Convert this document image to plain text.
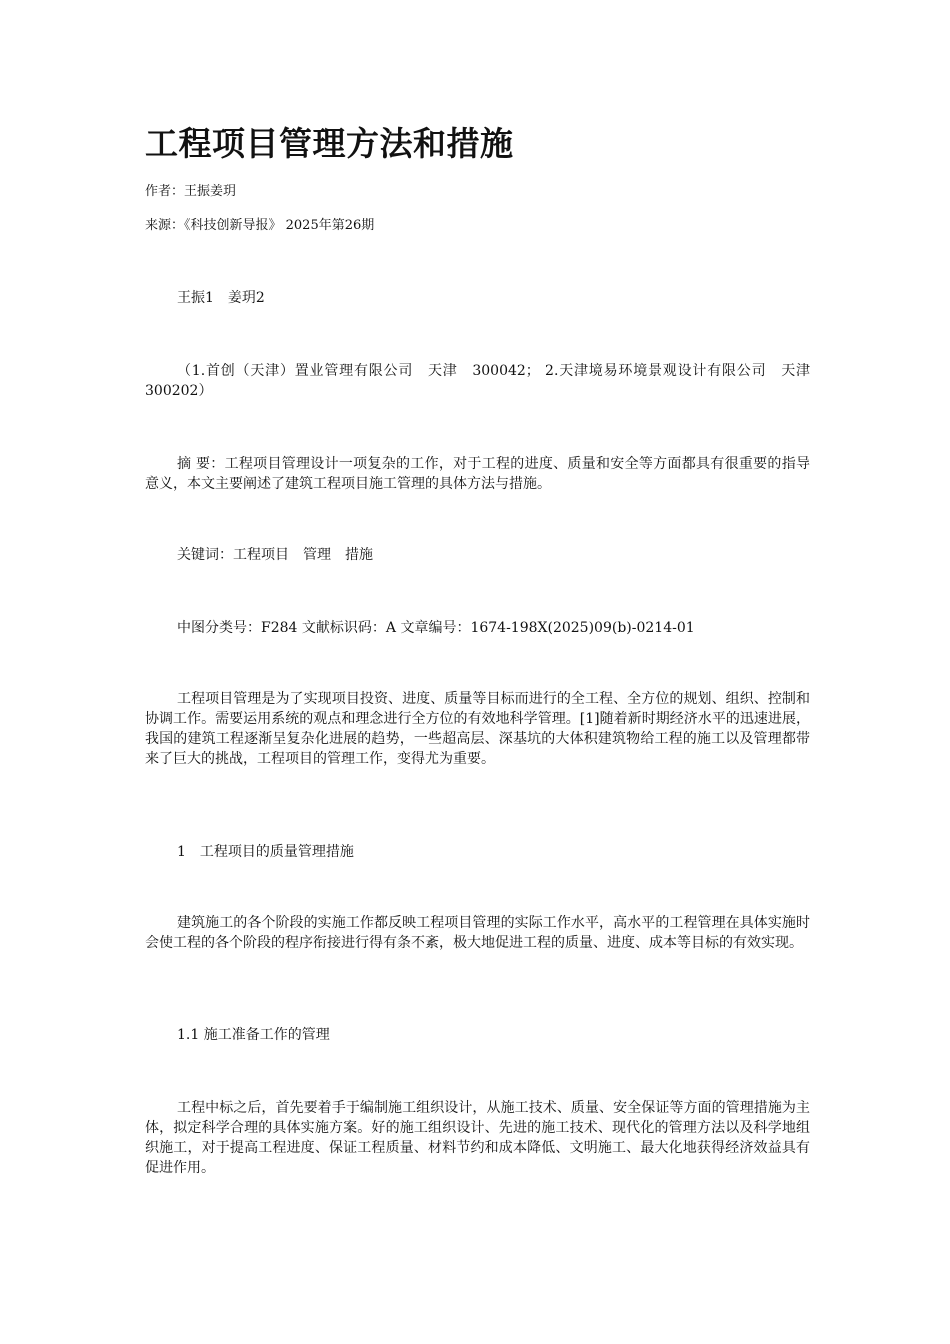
工程项目管理方法和措施
作者：王振姜玥
来源：《科技创新导报》 2025年第26期

王振1　姜玥2

（1.首创（天津）置业管理有限公司　天津　300042； 2.天津境易环境景观设计有限公司　天津　300202）

摘 要：工程项目管理设计一项复杂的工作，对于工程的进度、质量和安全等方面都具有很重要的指导意义，本文主要阐述了建筑工程项目施工管理的具体方法与措施。

关键词：工程项目　管理　措施

中图分类号：F284 文献标识码：A 文章编号：1674-198X(2025)09(b)-0214-01

工程项目管理是为了实现项目投资、进度、质量等目标而进行的全工程、全方位的规划、组织、控制和协调工作。需要运用系统的观点和理念进行全方位的有效地科学管理。[1]随着新时期经济水平的迅速进展，我国的建筑工程逐渐呈复杂化进展的趋势，一些超高层、深基坑的大体积建筑物给工程的施工以及管理都带来了巨大的挑战，工程项目的管理工作，变得尤为重要。

1　工程项目的质量管理措施

建筑施工的各个阶段的实施工作都反映工程项目管理的实际工作水平，高水平的工程管理在具体实施时会使工程的各个阶段的程序衔接进行得有条不紊，极大地促进工程的质量、进度、成本等目标的有效实现。

1.1 施工准备工作的管理

工程中标之后，首先要着手于编制施工组织设计，从施工技术、质量、安全保证等方面的管理措施为主体，拟定科学合理的具体实施方案。好的施工组织设计、先进的施工技术、现代化的管理方法以及科学地组织施工，对于提高工程进度、保证工程质量、材料节约和成本降低、文明施工、最大化地获得经济效益具有促进作用。
